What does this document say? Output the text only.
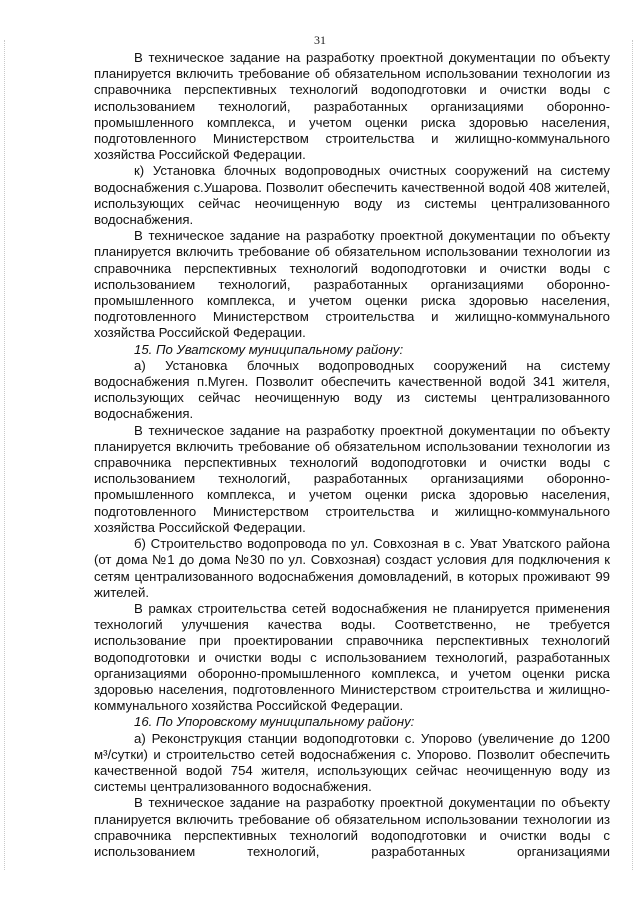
31

В техническое задание на разработку проектной документации по объекту планируется включить требование об обязательном использовании технологии из справочника перспективных технологий водоподготовки и очистки воды с использованием технологий, разработанных организациями оборонно-промышленного комплекса, и учетом оценки риска здоровью населения, подготовленного Министерством строительства и жилищно-коммунального хозяйства Российской Федерации.

к) Установка блочных водопроводных очистных сооружений на систему водоснабжения с.Ушарова. Позволит обеспечить качественной водой 408 жителей, использующих сейчас неочищенную воду из системы централизованного водоснабжения.

В техническое задание на разработку проектной документации по объекту планируется включить требование об обязательном использовании технологии из справочника перспективных технологий водоподготовки и очистки воды с использованием технологий, разработанных организациями оборонно-промышленного комплекса, и учетом оценки риска здоровью населения, подготовленного Министерством строительства и жилищно-коммунального хозяйства Российской Федерации.

15. По Уватскому муниципальному району:

а) Установка блочных водопроводных сооружений на систему водоснабжения п.Муген. Позволит обеспечить качественной водой 341 жителя, использующих сейчас неочищенную воду из системы централизованного водоснабжения.

В техническое задание на разработку проектной документации по объекту планируется включить требование об обязательном использовании технологии из справочника перспективных технологий водоподготовки и очистки воды с использованием технологий, разработанных организациями оборонно-промышленного комплекса, и учетом оценки риска здоровью населения, подготовленного Министерством строительства и жилищно-коммунального хозяйства Российской Федерации.

б) Строительство водопровода по ул. Совхозная в с. Уват Уватского района (от дома №1 до дома №30 по ул. Совхозная) создаст условия для подключения к сетям централизованного водоснабжения домовладений, в которых проживают 99 жителей.

В рамках строительства сетей водоснабжения не планируется применения технологий улучшения качества воды. Соответственно, не требуется использование при проектировании справочника перспективных технологий водоподготовки и очистки воды с использованием технологий, разработанных организациями оборонно-промышленного комплекса, и учетом оценки риска здоровью населения, подготовленного Министерством строительства и жилищно-коммунального хозяйства Российской Федерации.

16. По Упоровскому муниципальному району:

а) Реконструкция станции водоподготовки с. Упорово (увеличение до 1200 м³/сутки) и строительство сетей водоснабжения с. Упорово. Позволит обеспечить качественной водой 754 жителя, использующих сейчас неочищенную воду из системы централизованного водоснабжения.

В техническое задание на разработку проектной документации по объекту планируется включить требование об обязательном использовании технологии из справочника перспективных технологий водоподготовки и очистки воды с использованием технологий, разработанных организациями
